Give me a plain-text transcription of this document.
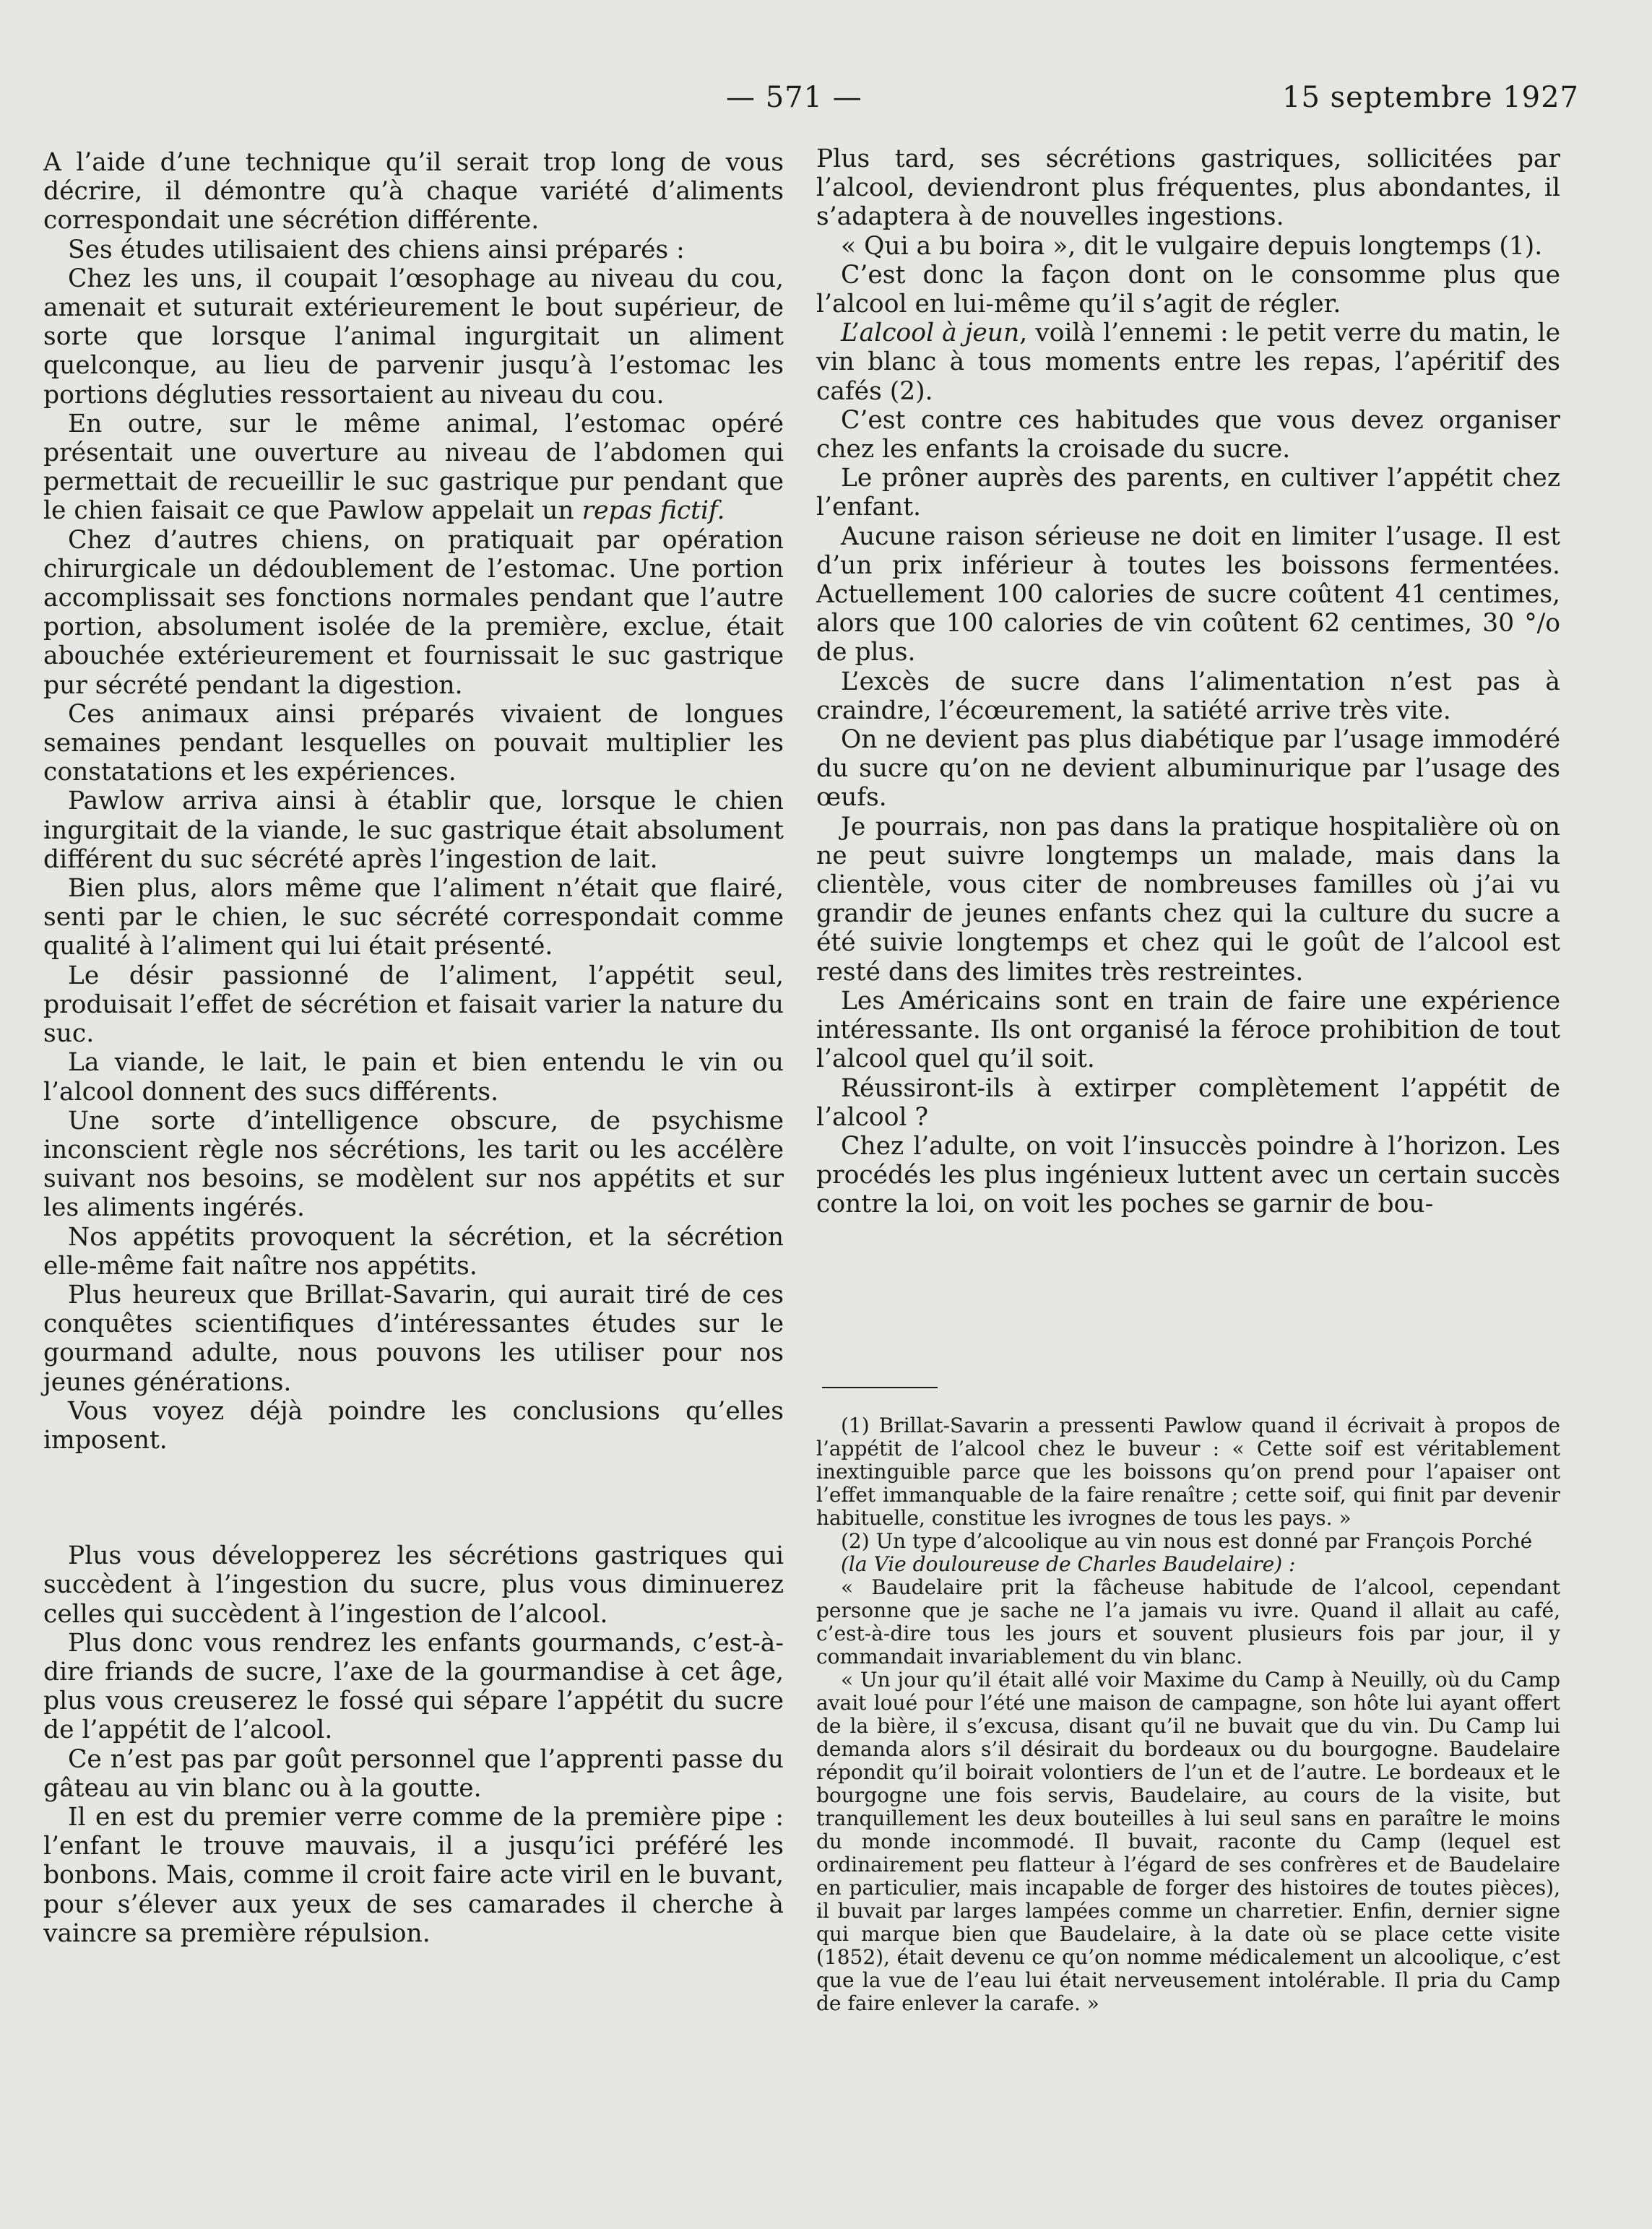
— 571 —	15 septembre 1927

A l’aide d’une technique qu’il serait trop long de vous décrire, il démontre qu’à chaque variété d’aliments correspondait une sécrétion différente.

Ses études utilisaient des chiens ainsi préparés :

Chez les uns, il coupait l’œsophage au niveau du cou, amenait et suturait extérieurement le bout supérieur, de sorte que lorsque l’animal ingurgitait un aliment quelconque, au lieu de parvenir jusqu’à l’estomac les portions dégluties ressortaient au niveau du cou.

En outre, sur le même animal, l’estomac opéré présentait une ouverture au niveau de l’abdomen qui permettait de recueillir le suc gastrique pur pendant que le chien faisait ce que Pawlow appelait un repas fictif.

Chez d’autres chiens, on pratiquait par opération chirurgicale un dédoublement de l’estomac. Une portion accomplissait ses fonctions normales pendant que l’autre portion, absolument isolée de la première, exclue, était abouchée extérieurement et fournissait le suc gastrique pur sécrété pendant la digestion.

Ces animaux ainsi préparés vivaient de longues semaines pendant lesquelles on pouvait multiplier les constatations et les expériences.

Pawlow arriva ainsi à établir que, lorsque le chien ingurgitait de la viande, le suc gastrique était absolument différent du suc sécrété après l’ingestion de lait.

Bien plus, alors même que l’aliment n’était que flairé, senti par le chien, le suc sécrété correspondait comme qualité à l’aliment qui lui était présenté.

Le désir passionné de l’aliment, l’appétit seul, produisait l’effet de sécrétion et faisait varier la nature du suc.

La viande, le lait, le pain et bien entendu le vin ou l’alcool donnent des sucs différents.

Une sorte d’intelligence obscure, de psychisme inconscient règle nos sécrétions, les tarit ou les accélère suivant nos besoins, se modèlent sur nos appétits et sur les aliments ingérés.

Nos appétits provoquent la sécrétion, et la sécrétion elle-même fait naître nos appétits.

Plus heureux que Brillat-Savarin, qui aurait tiré de ces conquêtes scientifiques d’intéressantes études sur le gourmand adulte, nous pouvons les utiliser pour nos jeunes générations.

Vous voyez déjà poindre les conclusions qu’elles imposent.

Plus vous développerez les sécrétions gastriques qui succèdent à l’ingestion du sucre, plus vous diminuerez celles qui succèdent à l’ingestion de l’alcool.

Plus donc vous rendrez les enfants gourmands, c’est-à-dire friands de sucre, l’axe de la gourmandise à cet âge, plus vous creuserez le fossé qui sépare l’appétit du sucre de l’appétit de l’alcool.

Ce n’est pas par goût personnel que l’apprenti passe du gâteau au vin blanc ou à la goutte.

Il en est du premier verre comme de la première pipe : l’enfant le trouve mauvais, il a jusqu’ici préféré les bonbons. Mais, comme il croit faire acte viril en le buvant, pour s’élever aux yeux de ses camarades il cherche à vaincre sa première répulsion.

Plus tard, ses sécrétions gastriques, sollicitées par l’alcool, deviendront plus fréquentes, plus abondantes, il s’adaptera à de nouvelles ingestions.

« Qui a bu boira », dit le vulgaire depuis longtemps (1).

C’est donc la façon dont on le consomme plus que l’alcool en lui-même qu’il s’agit de régler.

L’alcool à jeun, voilà l’ennemi : le petit verre du matin, le vin blanc à tous moments entre les repas, l’apéritif des cafés (2).

C’est contre ces habitudes que vous devez organiser chez les enfants la croisade du sucre.

Le prôner auprès des parents, en cultiver l’appétit chez l’enfant.

Aucune raison sérieuse ne doit en limiter l’usage. Il est d’un prix inférieur à toutes les boissons fermentées. Actuellement 100 calories de sucre coûtent 41 centimes, alors que 100 calories de vin coûtent 62 centimes, 30 °/o de plus.

L’excès de sucre dans l’alimentation n’est pas à craindre, l’écœurement, la satiété arrive très vite.

On ne devient pas plus diabétique par l’usage immodéré du sucre qu’on ne devient albuminurique par l’usage des œufs.

Je pourrais, non pas dans la pratique hospitalière où on ne peut suivre longtemps un malade, mais dans la clientèle, vous citer de nombreuses familles où j’ai vu grandir de jeunes enfants chez qui la culture du sucre a été suivie longtemps et chez qui le goût de l’alcool est resté dans des limites très restreintes.

Les Américains sont en train de faire une expérience intéressante. Ils ont organisé la féroce prohibition de tout l’alcool quel qu’il soit.

Réussiront-ils à extirper complètement l’appétit de l’alcool ?

Chez l’adulte, on voit l’insuccès poindre à l’horizon. Les procédés les plus ingénieux luttent avec un certain succès contre la loi, on voit les poches se garnir de bou-

(1) Brillat-Savarin a pressenti Pawlow quand il écrivait à propos de l’appétit de l’alcool chez le buveur : « Cette soif est véritablement inextinguible parce que les boissons qu’on prend pour l’apaiser ont l’effet immanquable de la faire renaître ; cette soif, qui finit par devenir habituelle, constitue les ivrognes de tous les pays. »

(2) Un type d’alcoolique au vin nous est donné par François Porché

(la Vie douloureuse de Charles Baudelaire) :

« Baudelaire prit la fâcheuse habitude de l’alcool, cependant personne que je sache ne l’a jamais vu ivre. Quand il allait au café, c’est-à-dire tous les jours et souvent plusieurs fois par jour, il y commandait invariablement du vin blanc.

« Un jour qu’il était allé voir Maxime du Camp à Neuilly, où du Camp avait loué pour l’été une maison de campagne, son hôte lui ayant offert de la bière, il s’excusa, disant qu’il ne buvait que du vin. Du Camp lui demanda alors s’il désirait du bordeaux ou du bourgogne. Baudelaire répondit qu’il boirait volontiers de l’un et de l’autre. Le bordeaux et le bourgogne une fois servis, Baudelaire, au cours de la visite, but tranquillement les deux bouteilles à lui seul sans en paraître le moins du monde incommodé. Il buvait, raconte du Camp (lequel est ordinairement peu flatteur à l’égard de ses confrères et de Baudelaire en particulier, mais incapable de forger des histoires de toutes pièces), il buvait par larges lampées comme un charretier. Enfin, dernier signe qui marque bien que Baudelaire, à la date où se place cette visite (1852), était devenu ce qu’on nomme médicalement un alcoolique, c’est que la vue de l’eau lui était nerveusement intolérable. Il pria du Camp de faire enlever la carafe. »
